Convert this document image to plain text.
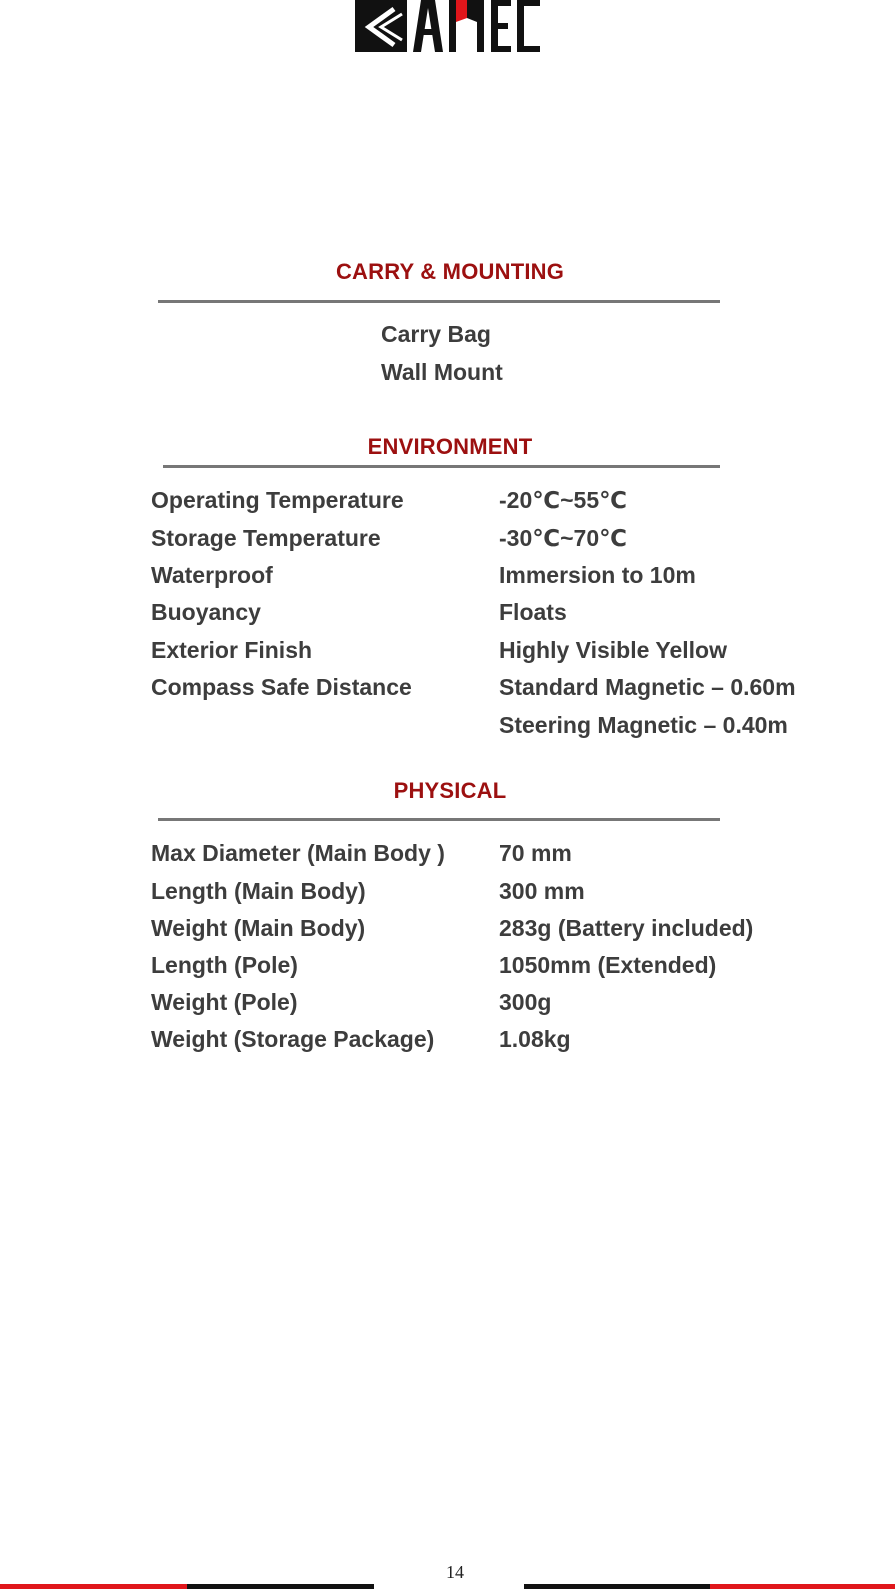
CARRY & MOUNTING
Carry Bag
Wall Mount
ENVIRONMENT
Operating Temperature	-20℃~55℃
Storage Temperature	-30℃~70℃
Waterproof	Immersion to 10m
Buoyancy	Floats
Exterior Finish	Highly Visible Yellow
Compass Safe Distance	Standard Magnetic – 0.60m
Steering Magnetic – 0.40m
PHYSICAL
Max Diameter (Main Body ) 70 mm
Length (Main Body)	300 mm
Weight (Main Body)	283g (Battery included)
Length (Pole)	1050mm (Extended)
Weight (Pole)	300g
Weight (Storage Package)	1.08kg
14
